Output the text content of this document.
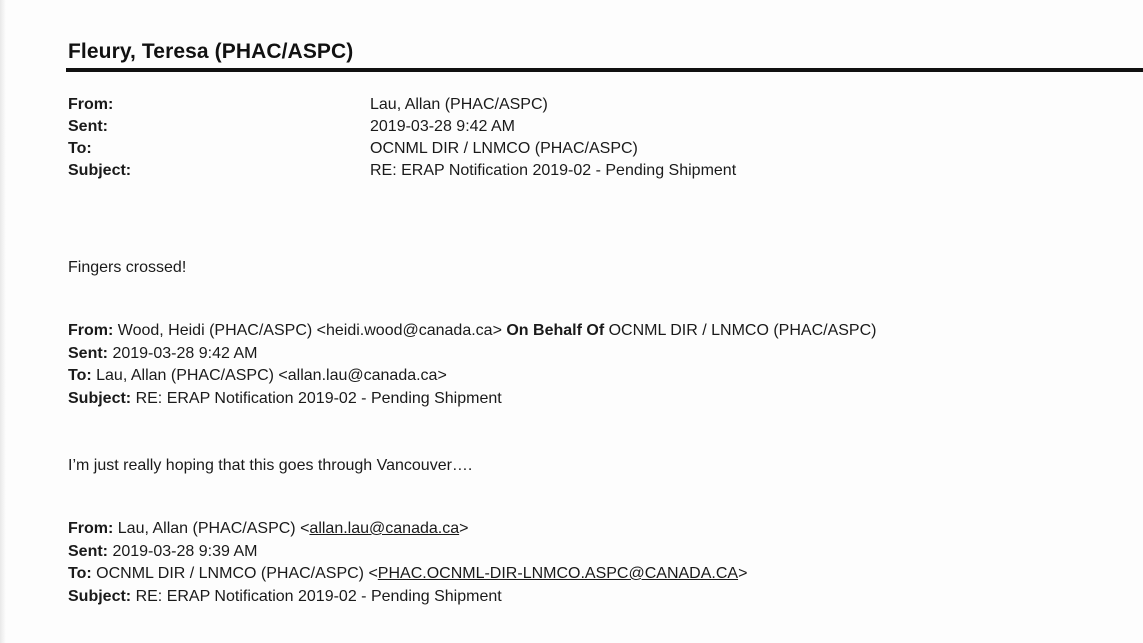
Fleury, Teresa (PHAC/ASPC)
From:	Lau, Allan (PHAC/ASPC)
Sent:	2019-03-28 9:42 AM
To:	OCNML DIR / LNMCO (PHAC/ASPC)
Subject:	RE: ERAP Notification 2019-02 - Pending Shipment
Fingers crossed!
From: Wood, Heidi (PHAC/ASPC) <heidi.wood@canada.ca> On Behalf Of OCNML DIR / LNMCO (PHAC/ASPC)
Sent: 2019-03-28 9:42 AM
To: Lau, Allan (PHAC/ASPC) <allan.lau@canada.ca>
Subject: RE: ERAP Notification 2019-02 - Pending Shipment
I’m just really hoping that this goes through Vancouver….
From: Lau, Allan (PHAC/ASPC) <allan.lau@canada.ca>
Sent: 2019-03-28 9:39 AM
To: OCNML DIR / LNMCO (PHAC/ASPC) <PHAC.OCNML-DIR-LNMCO.ASPC@CANADA.CA>
Subject: RE: ERAP Notification 2019-02 - Pending Shipment
